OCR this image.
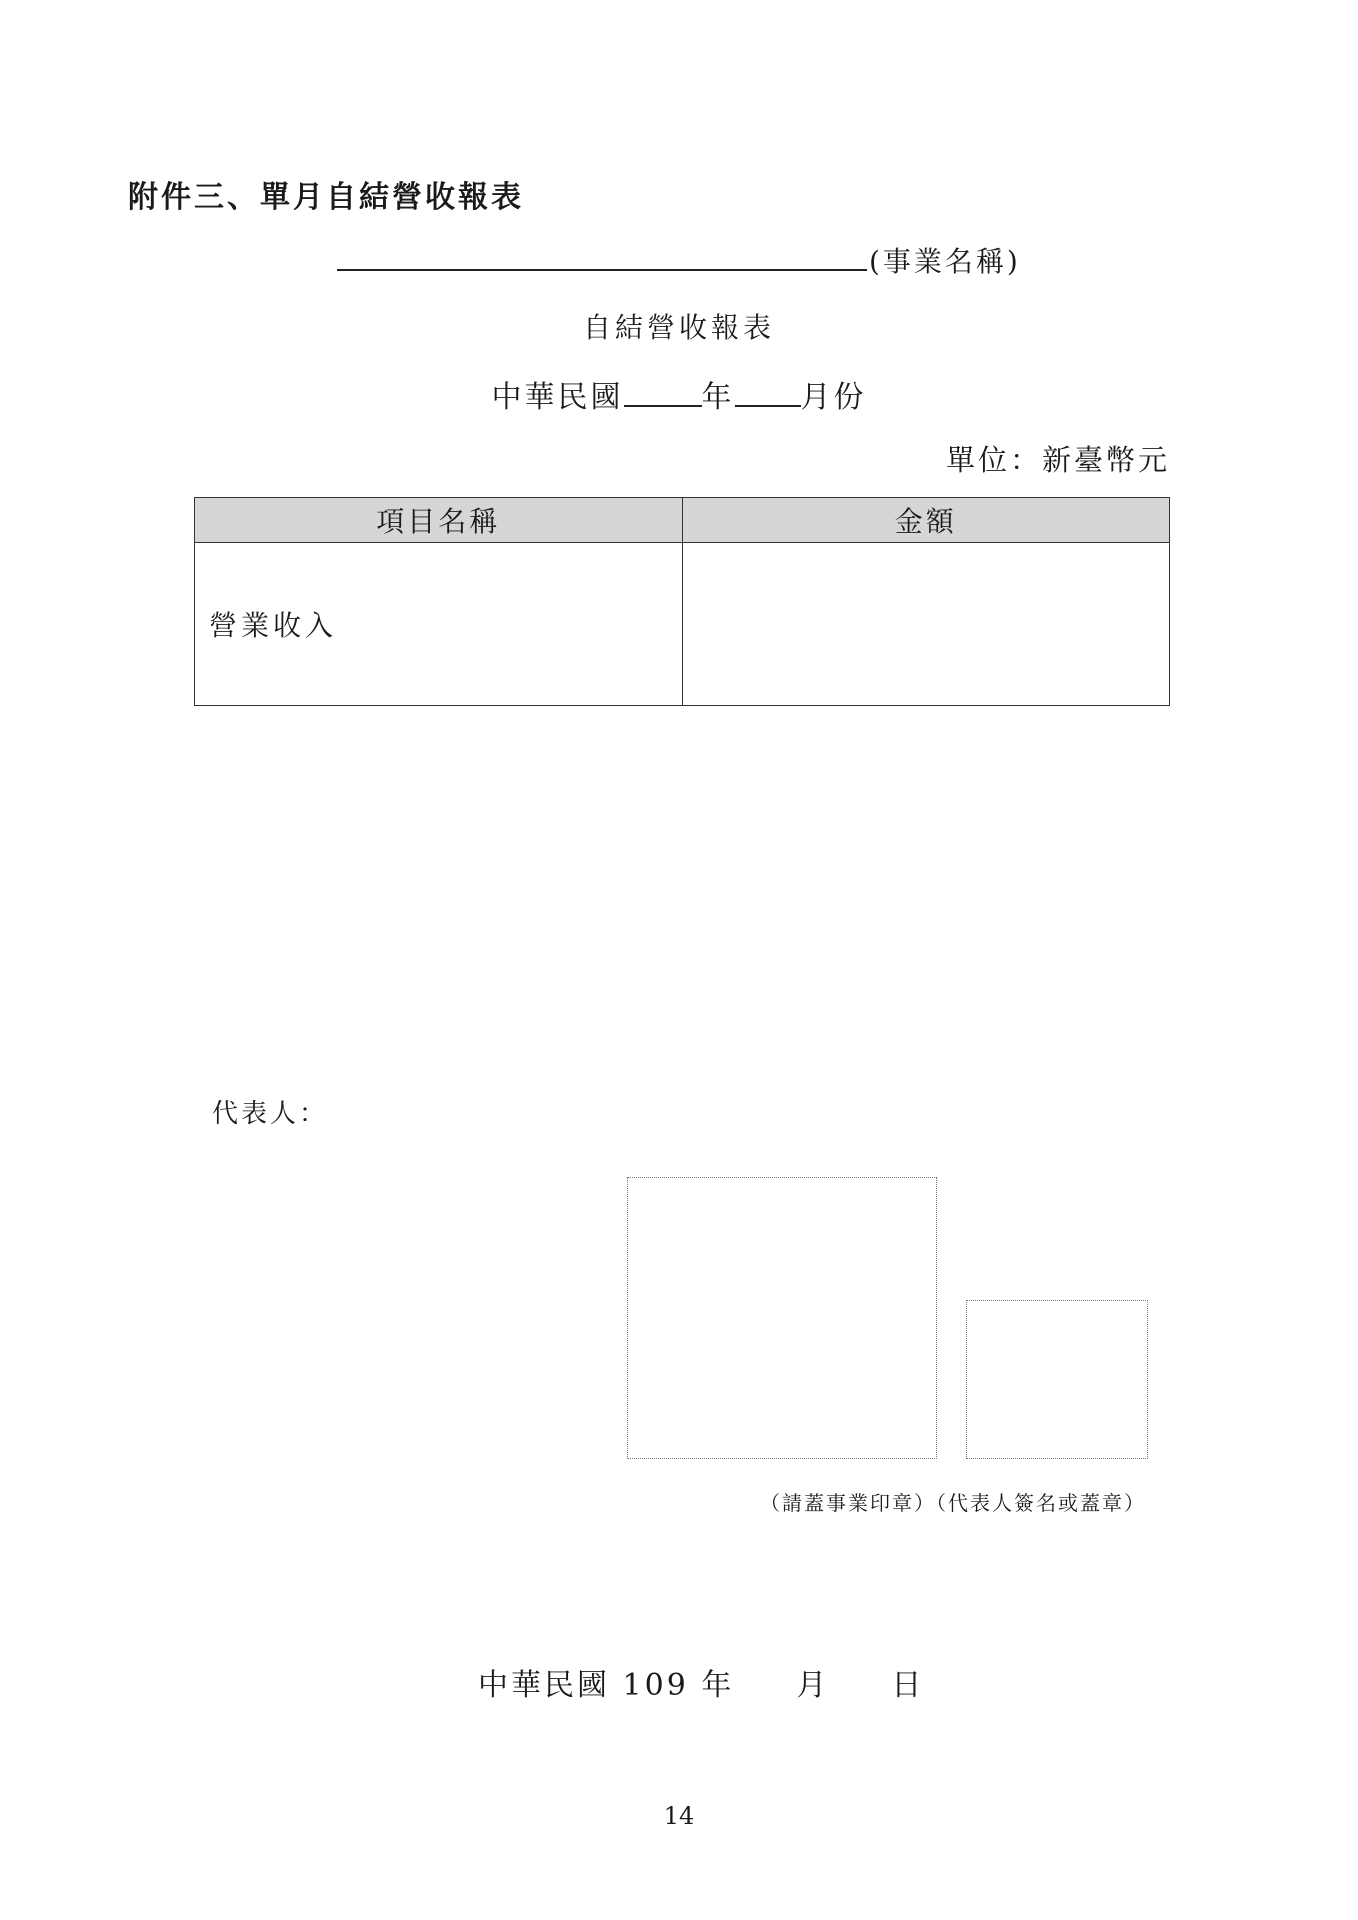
附件三、單月自結營收報表
(事業名稱)
自結營收報表
中華民國	年 月份
單位：新臺幣元
項目名稱	金額
營業收入	
代表人：
（請蓋事業印章）（代表人簽名或蓋章）
中華民國 109 年 月 日
14
